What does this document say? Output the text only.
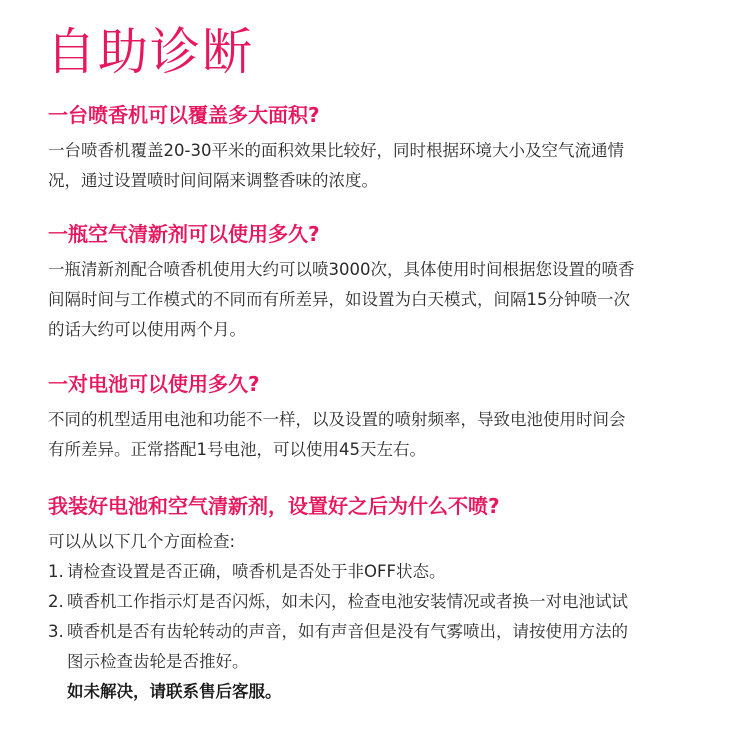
自助诊断
一台喷香机可以覆盖多大面积?

一台喷香机覆盖20-30平米的面积效果比较好，同时根据环境大小及空气流通情
况，通过设置喷时间间隔来调整香味的浓度。

一瓶空气清新剂可以使用多久?

一瓶清新剂配合喷香机使用大约可以喷3000次，具体使用时间根据您设置的喷香
间隔时间与工作模式的不同而有所差异，如设置为白天模式，间隔15分钟喷一次
的话大约可以使用两个月。

一对电池可以使用多久?

不同的机型适用电池和功能不一样，以及设置的喷射频率，导致电池使用时间会
有所差异。正常搭配1号电池，可以使用45天左右。

我装好电池和空气清新剂，设置好之后为什么不喷?

可以从以下几个方面检查:

1. 请检查设置是否正确，喷香机是否处于非OFF状态。
2. 喷香机工作指示灯是否闪烁，如未闪，检查电池安装情况或者换一对电池试试
3. 喷香机是否有齿轮转动的声音，如有声音但是没有气雾喷出，请按使用方法的
图示检查齿轮是否推好。

如未解决，请联系售后客服。
